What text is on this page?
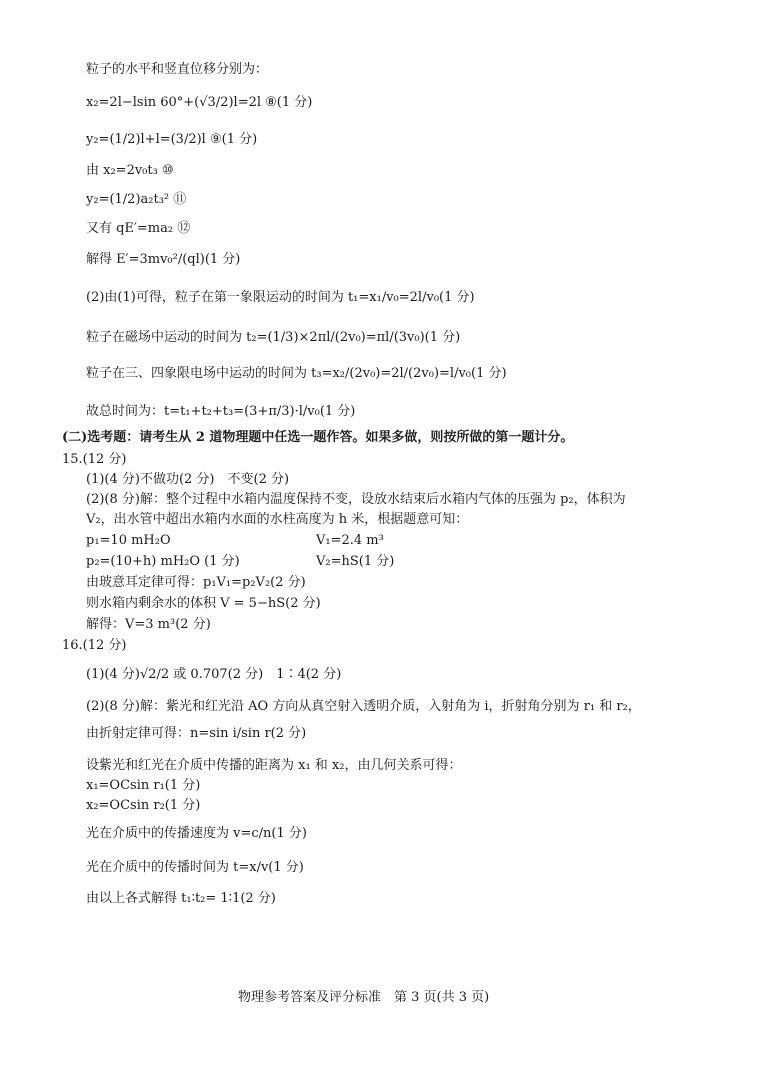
粒子的水平和竖直位移分别为：
x₂=2l−lsin 60°+(√3/2)l=2l ⑧(1 分)
y₂=(1/2)l+l=(3/2)l ⑨(1 分)
由 x₂=2v₀t₃ ⑩
y₂=(1/2)a₂t₃² ⑪
又有 qE′=ma₂ ⑫
解得 E′=3mv₀²/(ql)(1 分)
(2)由(1)可得，粒子在第一象限运动的时间为 t₁=x₁/v₀=2l/v₀(1 分)
粒子在磁场中运动的时间为 t₂=(1/3)×2πl/(2v₀)=πl/(3v₀)(1 分)
粒子在三、四象限电场中运动的时间为 t₃=x₂/(2v₀)=2l/(2v₀)=l/v₀(1 分)
故总时间为：t=t₁+t₂+t₃=(3+π/3)·l/v₀(1 分)
(二)选考题：请考生从 2 道物理题中任选一题作答。如果多做，则按所做的第一题计分。
15.(12 分)
(1)(4 分)不做功(2 分)　不变(2 分)
(2)(8 分)解：整个过程中水箱内温度保持不变，设放水结束后水箱内气体的压强为 p₂，体积为
V₂，出水管中超出水箱内水面的水柱高度为 h 米，根据题意可知：
p₁=10 mH₂O	V₁=2.4 m³
p₂=(10+h) mH₂O (1 分)	V₂=hS(1 分)
由玻意耳定律可得：p₁V₁=p₂V₂(2 分)
则水箱内剩余水的体积 V = 5−hS(2 分)
解得：V=3 m³(2 分)
16.(12 分)
(1)(4 分)√2/2 或 0.707(2 分)　1∶4(2 分)
(2)(8 分)解：紫光和红光沿 AO 方向从真空射入透明介质，入射角为 i，折射角分别为 r₁ 和 r₂，
由折射定律可得：n=sin i/sin r(2 分)
设紫光和红光在介质中传播的距离为 x₁ 和 x₂，由几何关系可得：
x₁=OCsin r₁(1 分)
x₂=OCsin r₂(1 分)
光在介质中的传播速度为 v=c/n(1 分)
光在介质中的传播时间为 t=x/v(1 分)
由以上各式解得 t₁∶t₂= 1∶1(2 分)
物理参考答案及评分标准　第 3 页(共 3 页)
